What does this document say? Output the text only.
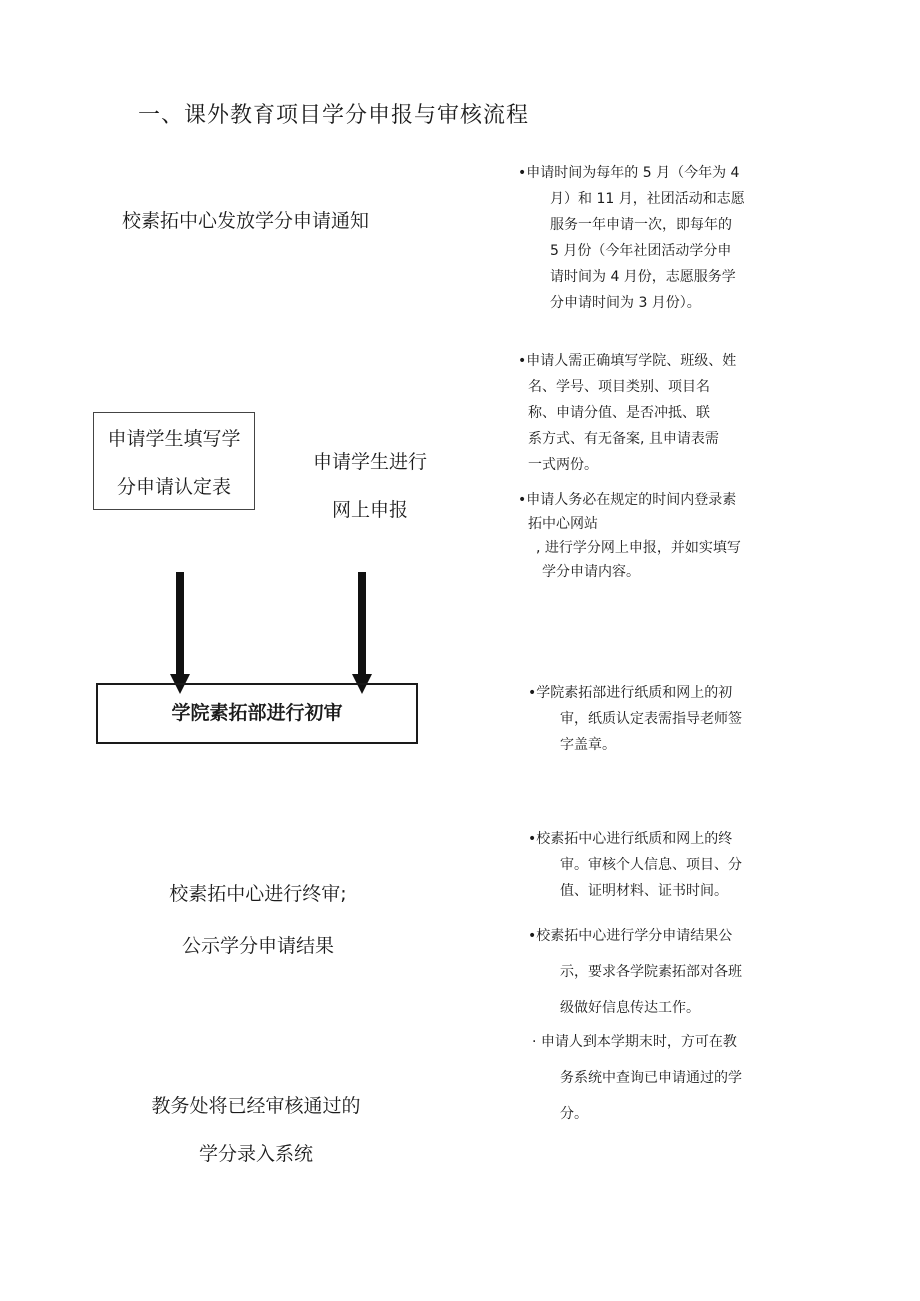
一、课外教育项目学分申报与审核流程
校素拓中心发放学分申请通知
申请学生填写学
分申请认定表
申请学生进行
网上申报
学院素拓部进行初审
校素拓中心进行终审;
公示学分申请结果
教务处将已经审核通过的
学分录入系统
•申请时间为每年的 5 月（今年为 4
月）和 11 月，社团活动和志愿
服务一年申请一次，即每年的
5 月份（今年社团活动学分申
请时间为 4 月份，志愿服务学
分申请时间为 3 月份）。
•申请人需正确填写学院、班级、姓
名、学号、项目类别、项目名
称、申请分值、是否冲抵、联
系方式、有无备案, 且申请表需
一式两份。
•申请人务必在规定的时间内登录素
拓中心网站
, 进行学分网上申报，并如实填写
学分申请内容。
•学院素拓部进行纸质和网上的初
审，纸质认定表需指导老师签
字盖章。
•校素拓中心进行纸质和网上的终
审。审核个人信息、项目、分
值、证明材料、证书时间。
•校素拓中心进行学分申请结果公
示，要求各学院素拓部对各班
级做好信息传达工作。
· 申请人到本学期末时，方可在教
务系统中查询已申请通过的学
分。
